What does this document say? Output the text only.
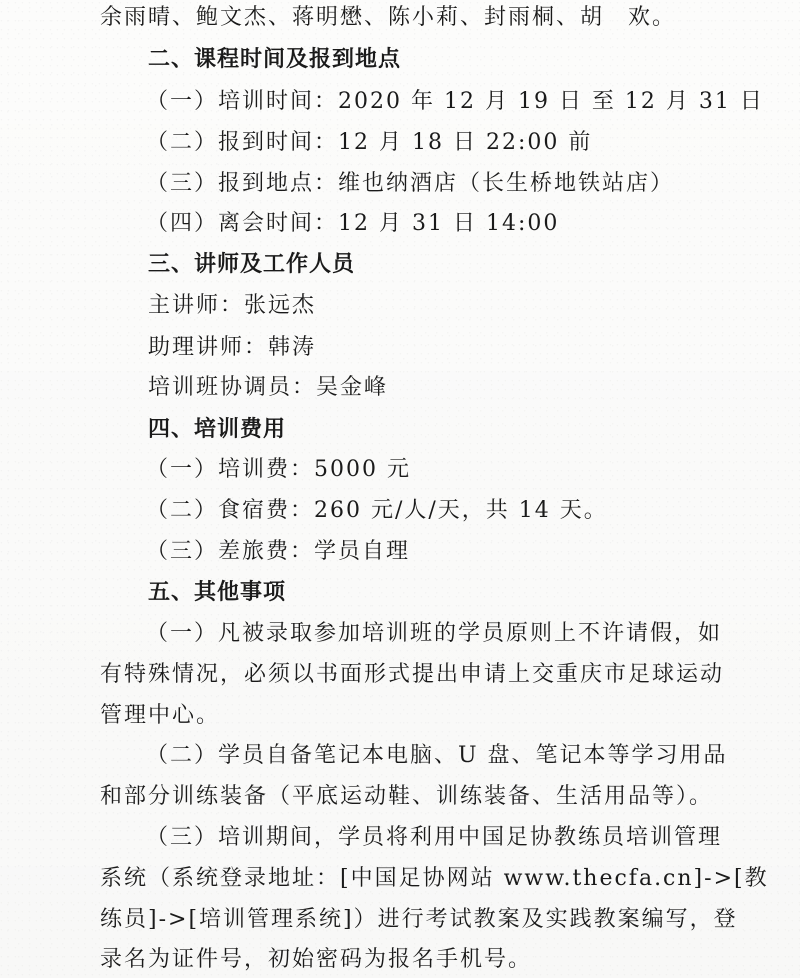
余雨晴、鲍文杰、蒋明懋、陈小莉、封雨桐、胡　欢。
二、课程时间及报到地点
（一）培训时间：2020 年 12 月 19 日 至 12 月 31 日
（二）报到时间：12 月 18 日 22:00 前
（三）报到地点：维也纳酒店（长生桥地铁站店）
（四）离会时间：12 月 31 日 14:00
三、讲师及工作人员
主讲师：张远杰
助理讲师：韩涛
培训班协调员：吴金峰
四、培训费用
（一）培训费：5000 元
（二）食宿费：260 元/人/天，共 14 天。
（三）差旅费：学员自理
五、其他事项
（一）凡被录取参加培训班的学员原则上不许请假，如
有特殊情况，必须以书面形式提出申请上交重庆市足球运动
管理中心。
（二）学员自备笔记本电脑、U 盘、笔记本等学习用品
和部分训练装备（平底运动鞋、训练装备、生活用品等）。
（三）培训期间，学员将利用中国足协教练员培训管理
系统（系统登录地址：[中国足协网站 www.thecfa.cn]->[教
练员]->[培训管理系统]）进行考试教案及实践教案编写，登
录名为证件号，初始密码为报名手机号。
